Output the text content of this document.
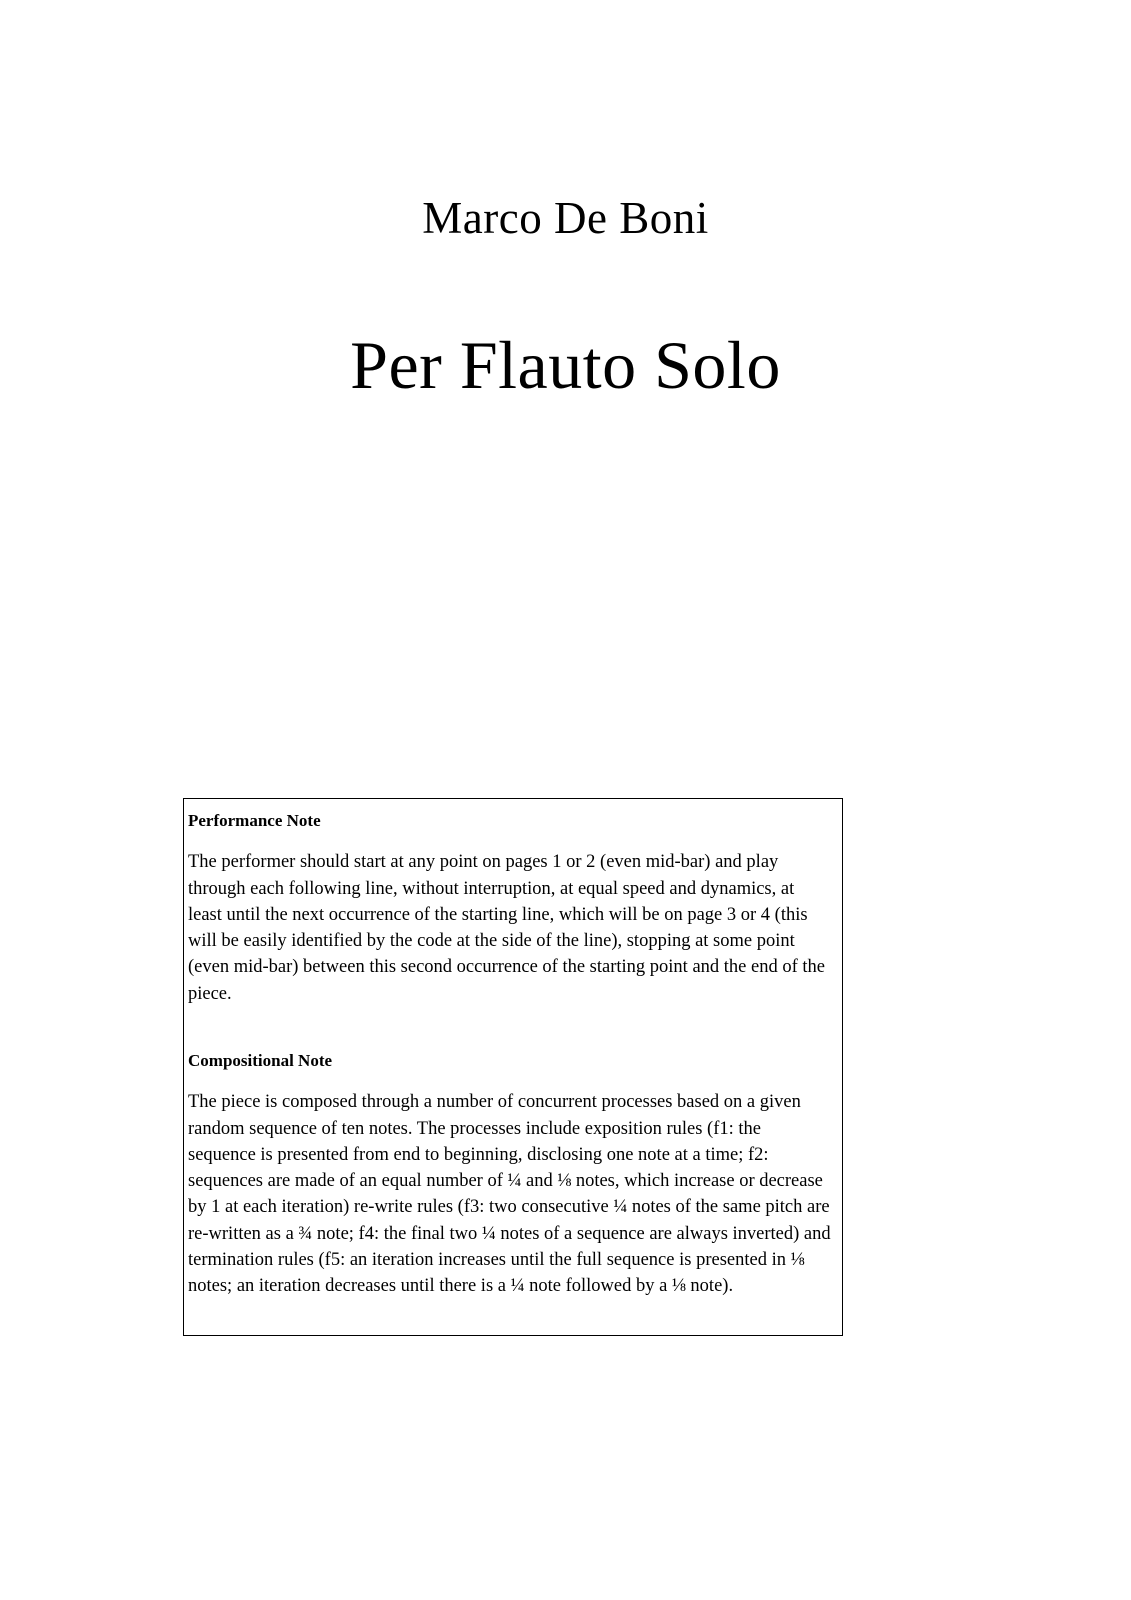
Marco De Boni
Per Flauto Solo
Performance Note

The performer should start at any point on pages 1 or 2 (even mid-bar) and play through each following line, without interruption, at equal speed and dynamics, at least until the next occurrence of the starting line, which will be on page 3 or 4 (this will be easily identified by the code at the side of the line), stopping at some point (even mid-bar) between this second occurrence of the starting point and the end of the piece.

Compositional Note

The piece is composed through a number of concurrent processes based on a given random sequence of ten notes. The processes include exposition rules (f1: the sequence is presented from end to beginning, disclosing one note at a time; f2: sequences are made of an equal number of ¼ and ⅛ notes, which increase or decrease by 1 at each iteration) re-write rules (f3: two consecutive ¼ notes of the same pitch are re-written as a ¾ note; f4: the final two ¼ notes of a sequence are always inverted) and termination rules (f5: an iteration increases until the full sequence is presented in ⅛ notes; an iteration decreases until there is a ¼ note followed by a ⅛ note).
